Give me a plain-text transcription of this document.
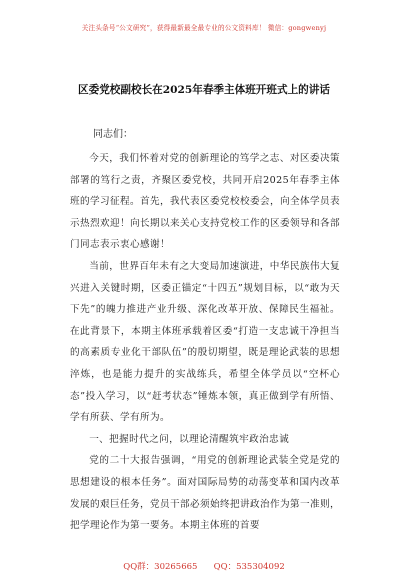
关注头条号“公文研究”，获得最新最全最专业的公文资料库！ 微信：gongwenyj
区委党校副校长在2025年春季主体班开班式上的讲话
同志们：

今天，我们怀着对党的创新理论的笃学之志、对区委决策部署的笃行之责，齐聚区委党校，共同开启2025年春季主体班的学习征程。首先，我代表区委党校校委会，向全体学员表示热烈欢迎！向长期以来关心支持党校工作的区委领导和各部门同志表示衷心感谢！

当前，世界百年未有之大变局加速演进，中华民族伟大复兴进入关键时期，区委正锚定“十四五”规划目标，以“敢为天下先”的魄力推进产业升级、深化改革开放、保障民生福祉。在此背景下，本期主体班承载着区委“打造一支忠诚干净担当的高素质专业化干部队伍”的殷切期望，既是理论武装的思想淬炼，也是能力提升的实战练兵，希望全体学员以“空杯心态”投入学习，以“赶考状态”锤炼本领，真正做到学有所悟、学有所获、学有所为。

一、把握时代之问，以理论清醒筑牢政治忠诚

党的二十大报告强调，“用党的创新理论武装全党是党的思想建设的根本任务”。面对国际局势的动荡变革和国内改革发展的艰巨任务，党员干部必须始终把讲政治作为第一准则，把学理论作为第一要务。本期主体班的首要

QQ群：30265665 QQ：535304092
